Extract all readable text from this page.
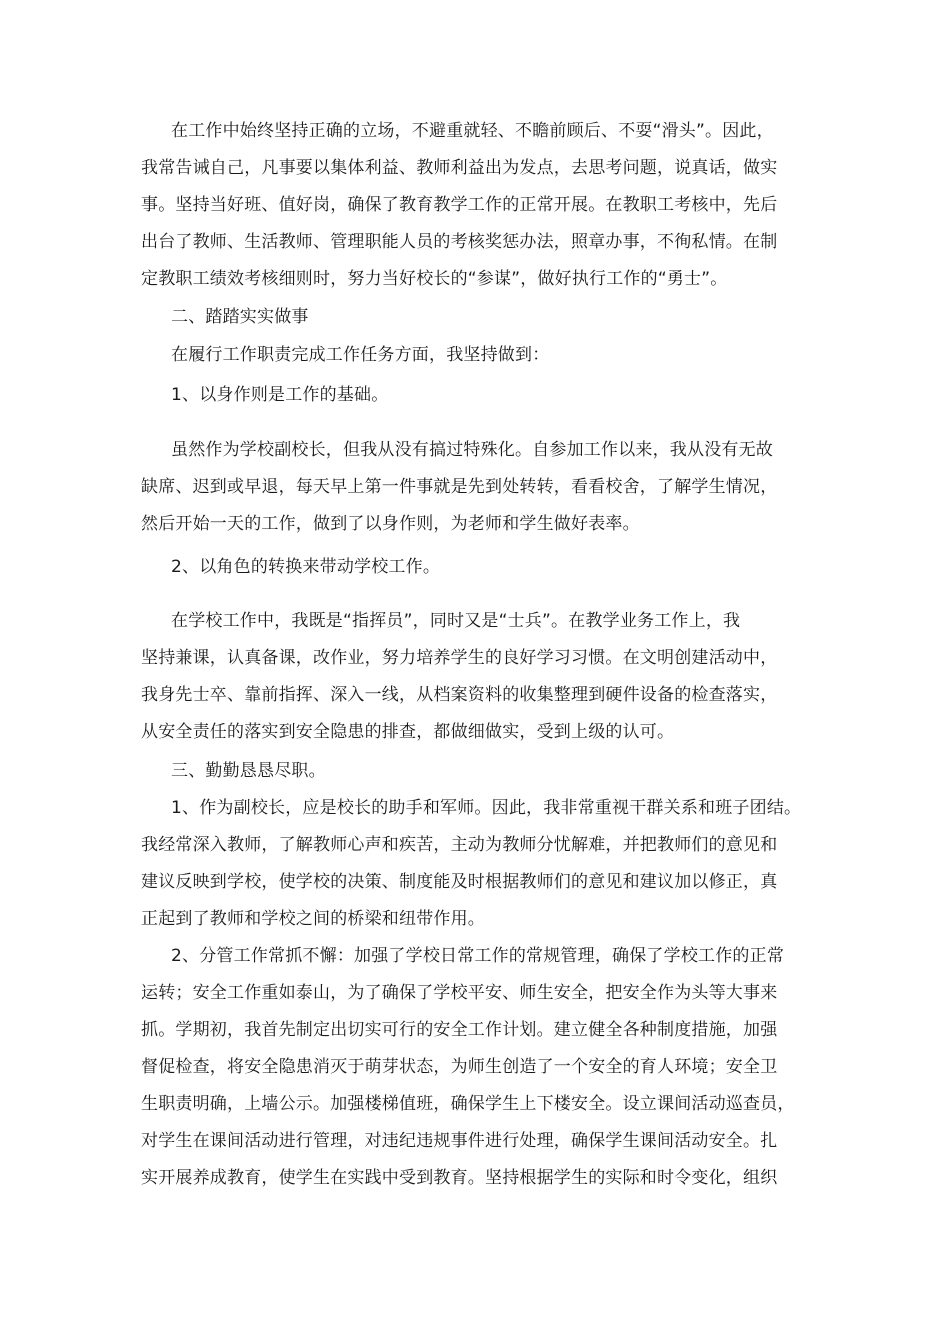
在工作中始终坚持正确的立场，不避重就轻、不瞻前顾后、不耍“滑头”。因此，
我常告诫自己，凡事要以集体利益、教师利益出为发点，去思考问题，说真话，做实
事。坚持当好班、值好岗，确保了教育教学工作的正常开展。在教职工考核中，先后
出台了教师、生活教师、管理职能人员的考核奖惩办法，照章办事，不徇私情。在制
定教职工绩效考核细则时，努力当好校长的“参谋”，做好执行工作的“勇士”。
二、踏踏实实做事
在履行工作职责完成工作任务方面，我坚持做到：
1、以身作则是工作的基础。
虽然作为学校副校长，但我从没有搞过特殊化。自参加工作以来，我从没有无故
缺席、迟到或早退，每天早上第一件事就是先到处转转，看看校舍，了解学生情况，
然后开始一天的工作，做到了以身作则，为老师和学生做好表率。
2、以角色的转换来带动学校工作。
在学校工作中，我既是“指挥员”，同时又是“士兵”。在教学业务工作上，我
坚持兼课，认真备课，改作业，努力培养学生的良好学习习惯。在文明创建活动中，
我身先士卒、靠前指挥、深入一线，从档案资料的收集整理到硬件设备的检查落实，
从安全责任的落实到安全隐患的排查，都做细做实，受到上级的认可。
三、勤勤恳恳尽职。
1、作为副校长，应是校长的助手和军师。因此，我非常重视干群关系和班子团结。
我经常深入教师，了解教师心声和疾苦，主动为教师分忧解难，并把教师们的意见和
建议反映到学校，使学校的决策、制度能及时根据教师们的意见和建议加以修正，真
正起到了教师和学校之间的桥梁和纽带作用。
2、分管工作常抓不懈：加强了学校日常工作的常规管理，确保了学校工作的正常
运转；安全工作重如泰山，为了确保了学校平安、师生安全，把安全作为头等大事来
抓。学期初，我首先制定出切实可行的安全工作计划。建立健全各种制度措施，加强
督促检查，将安全隐患消灭于萌芽状态，为师生创造了一个安全的育人环境；安全卫
生职责明确，上墙公示。加强楼梯值班，确保学生上下楼安全。设立课间活动巡查员，
对学生在课间活动进行管理，对违纪违规事件进行处理，确保学生课间活动安全。扎
实开展养成教育，使学生在实践中受到教育。坚持根据学生的实际和时令变化，组织
